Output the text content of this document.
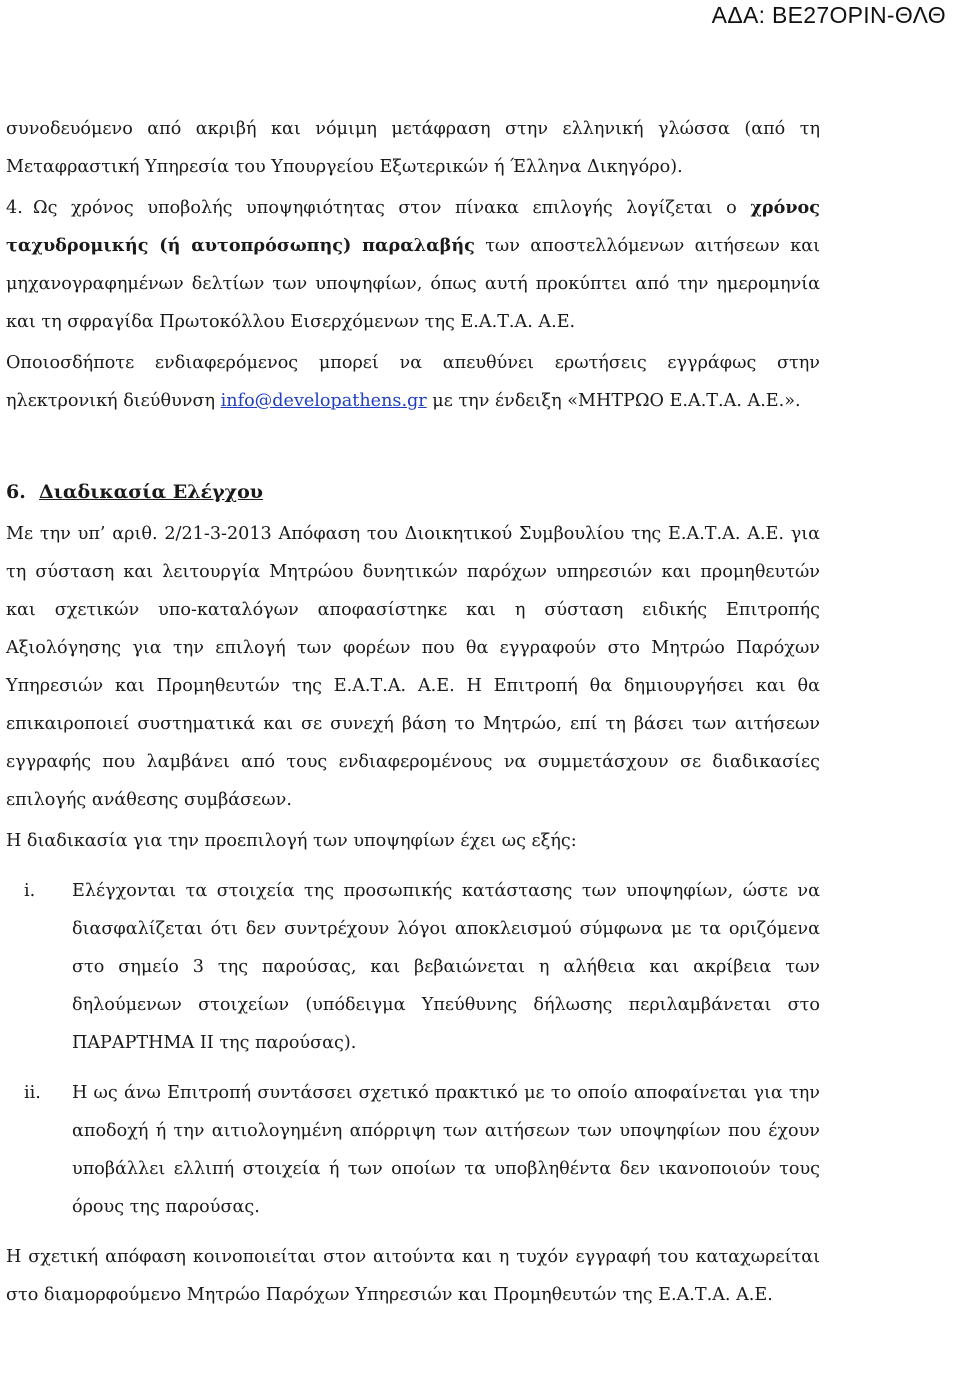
ΑΔΑ: ΒΕ27ΟΡΙΝ-ΘΛΘ

συνοδευόμενο από ακριβή και νόμιμη μετάφραση στην ελληνική γλώσσα (από τη Μεταφραστική Υπηρεσία του Υπουργείου Εξωτερικών ή Έλληνα Δικηγόρο).

4. Ως χρόνος υποβολής υποψηφιότητας στον πίνακα επιλογής λογίζεται ο χρόνος ταχυδρομικής (ή αυτοπρόσωπης) παραλαβής των αποστελλόμενων αιτήσεων και μηχανογραφημένων δελτίων των υποψηφίων, όπως αυτή προκύπτει από την ημερομηνία και τη σφραγίδα Πρωτοκόλλου Εισερχόμενων της Ε.Α.Τ.Α. Α.Ε.

Οποιοσδήποτε ενδιαφερόμενος μπορεί να απευθύνει ερωτήσεις εγγράφως στην ηλεκτρονική διεύθυνση info@developathens.gr με την ένδειξη «ΜΗΤΡΩΟ Ε.Α.Τ.Α. Α.Ε.».

6. Διαδικασία Ελέγχου

Με την υπ’ αριθ. 2/21-3-2013 Απόφαση του Διοικητικού Συμβουλίου της Ε.Α.Τ.Α. Α.Ε. για τη σύσταση και λειτουργία Μητρώου δυνητικών παρόχων υπηρεσιών και προμηθευτών και σχετικών υπο-καταλόγων αποφασίστηκε και η σύσταση ειδικής Επιτροπής Αξιολόγησης για την επιλογή των φορέων που θα εγγραφούν στο Μητρώο Παρόχων Υπηρεσιών και Προμηθευτών της Ε.Α.Τ.Α. Α.Ε. Η Επιτροπή θα δημιουργήσει και θα επικαιροποιεί συστηματικά και σε συνεχή βάση το Μητρώο, επί τη βάσει των αιτήσεων εγγραφής που λαμβάνει από τους ενδιαφερομένους να συμμετάσχουν σε διαδικασίες επιλογής ανάθεσης συμβάσεων.

Η διαδικασία για την προεπιλογή των υποψηφίων έχει ως εξής:

i.	Ελέγχονται τα στοιχεία της προσωπικής κατάστασης των υποψηφίων, ώστε να διασφαλίζεται ότι δεν συντρέχουν λόγοι αποκλεισμού σύμφωνα με τα οριζόμενα στο σημείο 3 της παρούσας, και βεβαιώνεται η αλήθεια και ακρίβεια των δηλούμενων στοιχείων (υπόδειγμα Υπεύθυνης δήλωσης περιλαμβάνεται στο ΠΑΡΑΡΤΗΜΑ ΙΙ της παρούσας).

ii.	Η ως άνω Επιτροπή συντάσσει σχετικό πρακτικό με το οποίο αποφαίνεται για την αποδοχή ή την αιτιολογημένη απόρριψη των αιτήσεων των υποψηφίων που έχουν υποβάλλει ελλιπή στοιχεία ή των οποίων τα υποβληθέντα δεν ικανοποιούν τους όρους της παρούσας.

Η σχετική απόφαση κοινοποιείται στον αιτούντα και η τυχόν εγγραφή του καταχωρείται στο διαμορφούμενο Μητρώο Παρόχων Υπηρεσιών και Προμηθευτών της Ε.Α.Τ.Α. Α.Ε.
